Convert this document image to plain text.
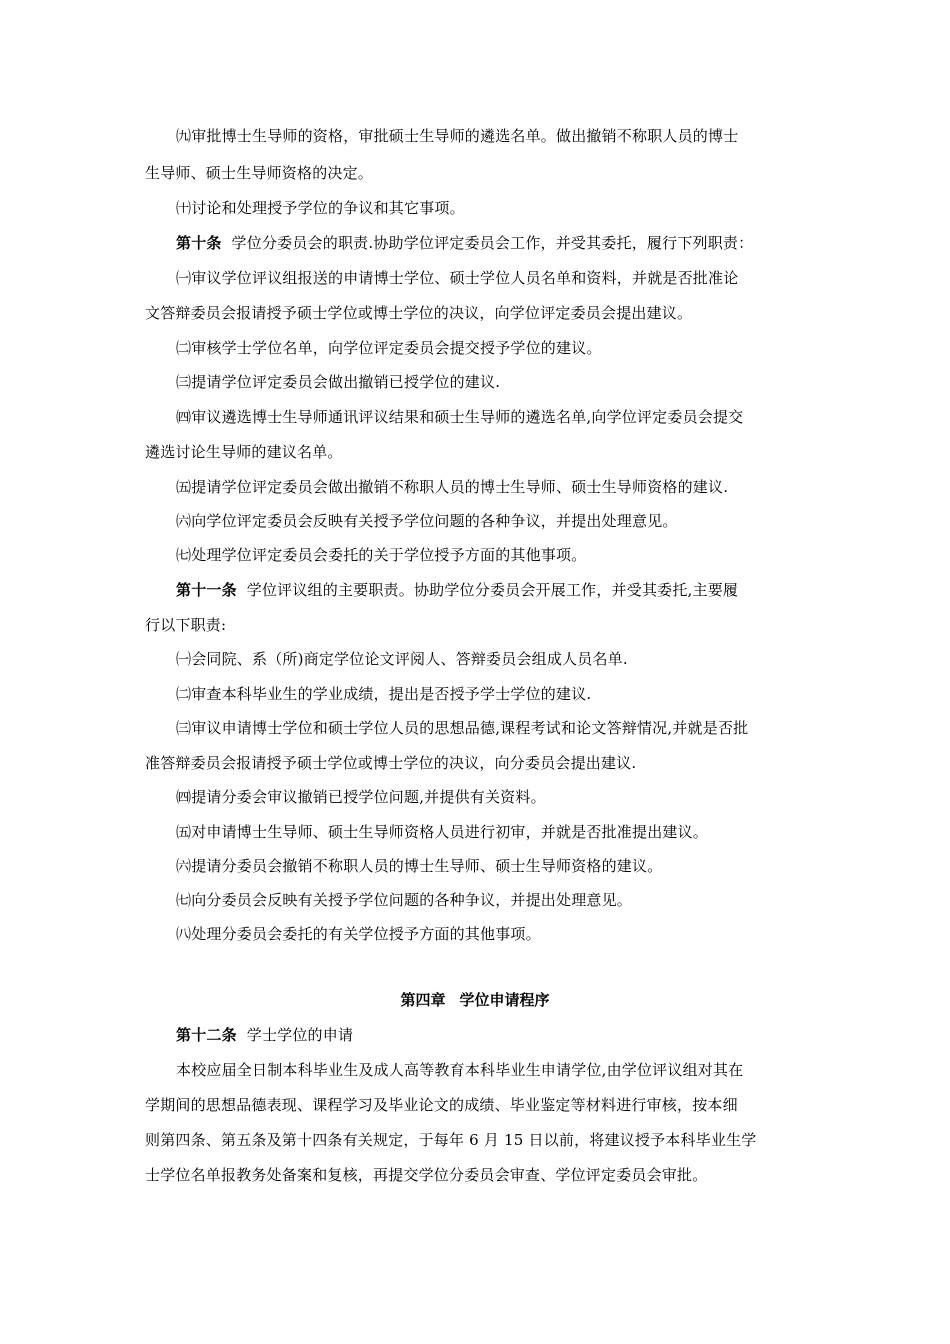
㈨审批博士生导师的资格，审批硕士生导师的遴选名单。做出撤销不称职人员的博士
生导师、硕士生导师资格的决定。
㈩讨论和处理授予学位的争议和其它事项。
第十条 学位分委员会的职责.协助学位评定委员会工作，并受其委托，履行下列职责：
㈠审议学位评议组报送的申请博士学位、硕士学位人员名单和资料，并就是否批准论
文答辩委员会报请授予硕士学位或博士学位的决议，向学位评定委员会提出建议。
㈡审核学士学位名单，向学位评定委员会提交授予学位的建议。
㈢提请学位评定委员会做出撤销已授学位的建议.
㈣审议遴选博士生导师通讯评议结果和硕士生导师的遴选名单,向学位评定委员会提交
遴选讨论生导师的建议名单。
㈤提请学位评定委员会做出撤销不称职人员的博士生导师、硕士生导师资格的建议.
㈥向学位评定委员会反映有关授予学位问题的各种争议，并提出处理意见。
㈦处理学位评定委员会委托的关于学位授予方面的其他事项。
第十一条 学位评议组的主要职责。协助学位分委员会开展工作，并受其委托,主要履
行以下职责:
㈠会同院、系（所)商定学位论文评阅人、答辩委员会组成人员名单.
㈡审查本科毕业生的学业成绩，提出是否授予学士学位的建议.
㈢审议申请博士学位和硕士学位人员的思想品德,课程考试和论文答辩情况,并就是否批
准答辩委员会报请授予硕士学位或博士学位的决议，向分委员会提出建议.
㈣提请分委会审议撤销已授学位问题,并提供有关资料。
㈤对申请博士生导师、硕士生导师资格人员进行初审，并就是否批准提出建议。
㈥提请分委员会撤销不称职人员的博士生导师、硕士生导师资格的建议。
㈦向分委员会反映有关授予学位问题的各种争议，并提出处理意见。
㈧处理分委员会委托的有关学位授予方面的其他事项。
第四章 学位申请程序
第十二条 学士学位的申请
本校应届全日制本科毕业生及成人高等教育本科毕业生申请学位,由学位评议组对其在
学期间的思想品德表现、课程学习及毕业论文的成绩、毕业鉴定等材料进行审核，按本细
则第四条、第五条及第十四条有关规定，于每年 6 月 15 日以前，将建议授予本科毕业生学
士学位名单报教务处备案和复核，再提交学位分委员会审查、学位评定委员会审批。
